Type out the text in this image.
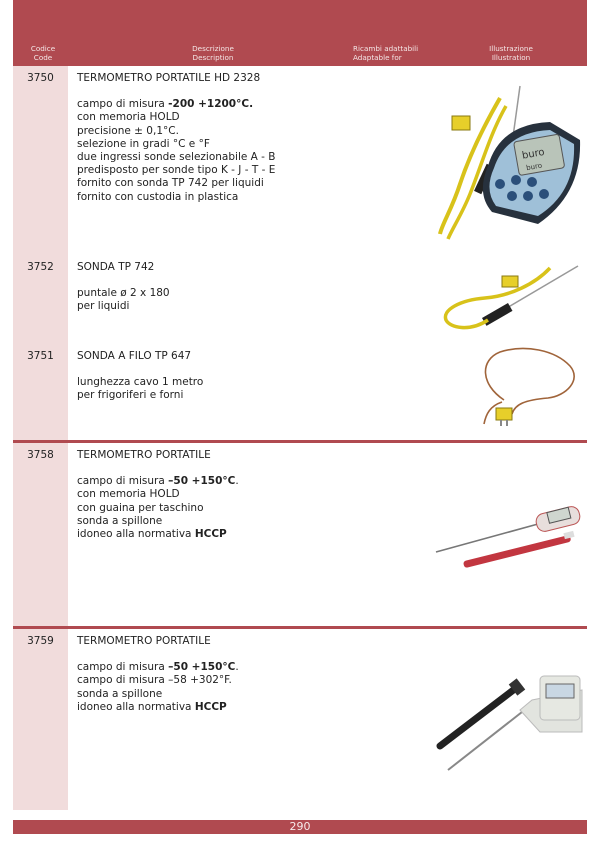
Codice
Code
Descrizione
Description
Ricambi adattabili
Adaptable for
Illustrazione
Illustration
3750	TERMOMETRO PORTATILE HD 2328
campo di misura -200 +1200°C.
con memoria HOLD
precisione ± 0,1°C.
selezione in gradi °C e °F
due ingressi sonde selezionabile A - B
predisposto per sonde tipo K - J - T - E
fornito con sonda TP 742 per liquidi
fornito con custodia in plastica
3752	SONDA TP 742
puntale ø 2 x 180
per liquidi
3751	SONDA A FILO TP 647
lunghezza cavo 1 metro
per frigoriferi e forni
3758	TERMOMETRO PORTATILE
campo di misura –50 +150°C.
con memoria HOLD
con guaina per taschino
sonda a spillone
idoneo alla normativa HCCP
3759	TERMOMETRO PORTATILE
campo di misura –50 +150°C.
campo di misura –58 +302°F.
sonda a spillone
idoneo alla normativa HCCP
buro
buro
290
